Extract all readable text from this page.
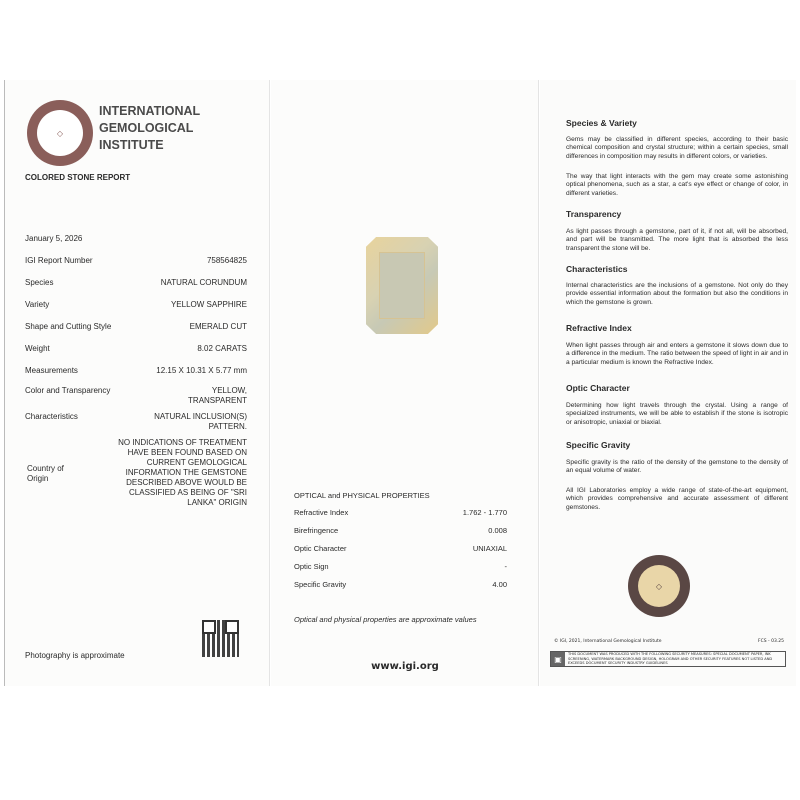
◇
INTERNATIONAL
GEMOLOGICAL
INSTITUTE
COLORED STONE REPORT
January 5, 2026
IGI Report Number	758564825
Species	NATURAL CORUNDUM
Variety	YELLOW SAPPHIRE
Shape and Cutting Style	EMERALD CUT
Weight	8.02 CARATS
Measurements	12.15 X 10.31 X 5.77 mm
Color and Transparency	YELLOW,
TRANSPARENT
Characteristics	NATURAL INCLUSION(S)
PATTERN.
Country of Origin
NO INDICATIONS OF TREATMENT HAVE BEEN FOUND BASED ON CURRENT GEMOLOGICAL INFORMATION THE GEMSTONE DESCRIBED ABOVE WOULD BE CLASSIFIED AS BEING OF "SRI LANKA" ORIGIN
Photography is approximate
OPTICAL and PHYSICAL PROPERTIES
Refractive Index	1.762 - 1.770
Birefringence	0.008
Optic Character	UNIAXIAL
Optic Sign	-
Specific Gravity	4.00
Optical and physical properties are approximate values
www.igi.org
Species & Variety
Gems may be classified in different species, according to their basic chemical composition and crystal structure; within a certain species, small differences in composition may results in different colors, or varieties.
The way that light interacts with the gem may create some astonishing optical phenomena, such as a star, a cat's eye effect or change of color, in different varieties.
Transparency
As light passes through a gemstone, part of it, if not all, will be absorbed, and part will be transmitted. The more light that is absorbed the less transparent the stone will be.
Characteristics
Internal characteristics are the inclusions of a gemstone. Not only do they provide essential information about the formation but also the conditions in which the gemstone is grown.
Refractive Index
When light passes through air and enters a gemstone it slows down due to a difference in the medium. The ratio between the speed of light in air and in a particular medium is known the Refractive Index.
Optic Character
Determining how light travels through the crystal. Using a range of specialized instruments, we will be able to establish if the stone is isotropic or anisotropic, uniaxial or biaxial.
Specific Gravity
Specific gravity is the ratio of the density of the gemstone to the density of an equal volume of water.
All IGI Laboratories employ a wide range of state-of-the-art equipment, which provides comprehensive and accurate assessment of different gemstones.
◇
© IGI, 2021, International Gemological Institute	FCS - 03.25
▣
THIS DOCUMENT WAS PRODUCED WITH THE FOLLOWING SECURITY MEASURES: SPECIAL DOCUMENT PAPER, INK SCREENING, WATERMARK BACKGROUND DESIGN, HOLOGRAM AND OTHER SECURITY FEATURES NOT LISTED AND EXCEEDS DOCUMENT SECURITY INDUSTRY GUIDELINES
